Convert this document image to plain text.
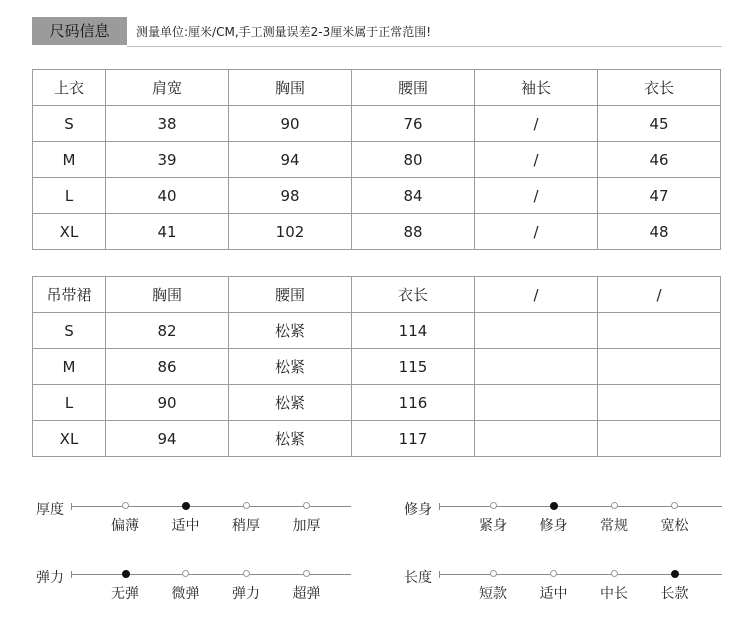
尺码信息	测量单位:厘米/CM,手工测量误差2-3厘米属于正常范围!
上衣	肩宽	胸围	腰围	袖长	衣长
S	38	90	76	/	45
M	39	94	80	/	46
L	40	98	84	/	47
XL	41	102	88	/	48
吊带裙	胸围	腰围	衣长	/	/
S	82	松紧	114		
M	86	松紧	115		
L	90	松紧	116		
XL	94	松紧	117		
厚度
偏薄	适中	稍厚	加厚
修身
紧身	修身	常规	宽松
弹力
无弹	微弹	弹力	超弹
长度
短款	适中	中长	长款
